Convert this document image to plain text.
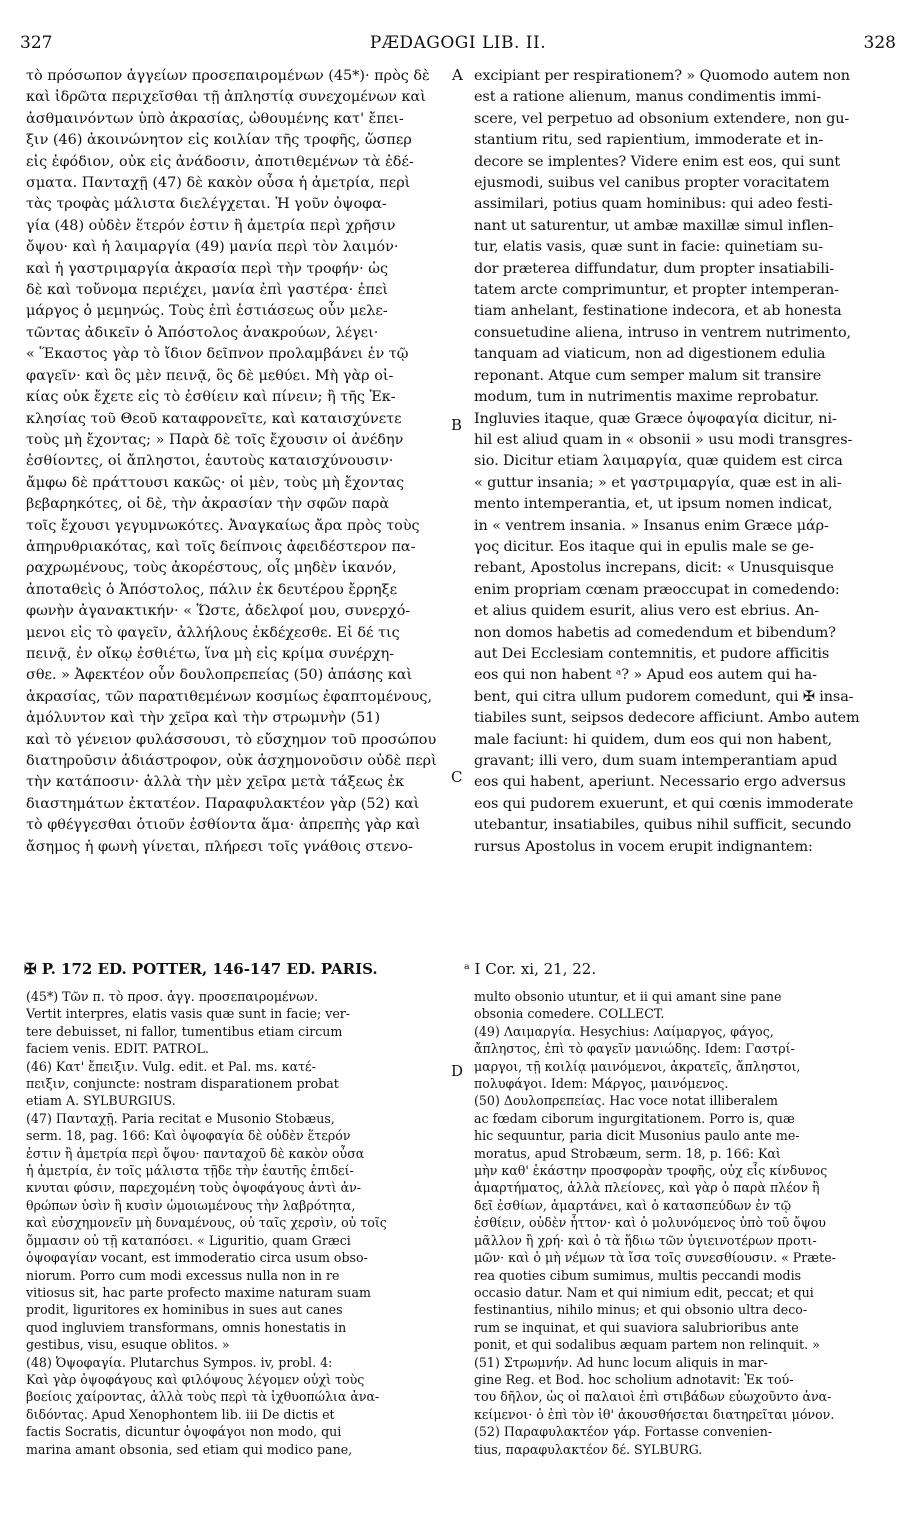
327	PÆDAGOGI LIB. II.	328
τὸ πρόσωπον ἀγγείων προσεπαιρομένων (45*)· πρὸς δὲ
καὶ ἱδρῶτα περιχεῖσθαι τῇ ἀπληστίᾳ συνεχομένων καὶ
ἀσθμαινόντων ὑπὸ ἀκρασίας, ὠθουμένης κατ' ἔπει-
ξιν (46) ἀκοινώνητον εἰς κοιλίαν τῆς τροφῆς, ὥσπερ
εἰς ἐφόδιον, οὐκ εἰς ἀνάδοσιν, ἀποτιθεμένων τὰ ἐδέ-
σματα. Πανταχῇ (47) δὲ κακὸν οὖσα ἡ ἀμετρία, περὶ
τὰς τροφὰς μάλιστα διελέγχεται. Ἡ γοῦν ὀψοφα-
γία (48) οὐδὲν ἕτερόν ἐστιν ἢ ἀμετρία περὶ χρῆσιν
ὄψου· καὶ ἡ λαιμαργία (49) μανία περὶ τὸν λαιμόν·
καὶ ἡ γαστριμαργία ἀκρασία περὶ τὴν τροφήν· ὡς
δὲ καὶ τοὔνομα περιέχει, μανία ἐπὶ γαστέρα· ἐπεὶ
μάργος ὁ μεμηνώς. Τοὺς ἐπὶ ἑστιάσεως οὖν μελε-
τῶντας ἀδικεῖν ὁ Ἀπόστολος ἀνακρούων, λέγει·
« Ἕκαστος γὰρ τὸ ἴδιον δεῖπνον προλαμβάνει ἐν τῷ
φαγεῖν· καὶ ὃς μὲν πεινᾷ, ὃς δὲ μεθύει. Μὴ γὰρ οἰ-
κίας οὐκ ἔχετε εἰς τὸ ἐσθίειν καὶ πίνειν; ἢ τῆς Ἐκ-
κλησίας τοῦ Θεοῦ καταφρονεῖτε, καὶ καταισχύνετε
τοὺς μὴ ἔχοντας; » Παρὰ δὲ τοῖς ἔχουσιν οἱ ἀνέδην
ἐσθίοντες, οἱ ἄπληστοι, ἑαυτοὺς καταισχύνουσιν·
ἄμφω δὲ πράττουσι κακῶς· οἱ μὲν, τοὺς μὴ ἔχοντας
βεβαρηκότες, οἱ δὲ, τὴν ἀκρασίαν τὴν σφῶν παρὰ
τοῖς ἔχουσι γεγυμνωκότες. Ἀναγκαίως ἄρα πρὸς τοὺς
ἀπηρυθριακότας, καὶ τοῖς δείπνοις ἀφειδέστερον πα-
ραχρωμένους, τοὺς ἀκορέστους, οἷς μηδὲν ἱκανόν,
ἀποταθεὶς ὁ Ἀπόστολος, πάλιν ἐκ δευτέρου ἔρρηξε
φωνὴν ἀγανακτικήν· « Ὥστε, ἀδελφοί μου, συνερχό-
μενοι εἰς τὸ φαγεῖν, ἀλλήλους ἐκδέχεσθε. Εἰ δέ τις
πεινᾷ, ἐν οἴκῳ ἐσθιέτω, ἵνα μὴ εἰς κρίμα συνέρχη-
σθε. » Ἀφεκτέον οὖν δουλοπρεπείας (50) ἁπάσης καὶ
ἀκρασίας, τῶν παρατιθεμένων κοσμίως ἐφαπτομένους,
ἀμόλυντον καὶ τὴν χεῖρα καὶ τὴν στρωμνὴν (51)
καὶ τὸ γένειον φυλάσσουσι, τὸ εὔσχημον τοῦ προσώπου
διατηροῦσιν ἀδιάστροφον, οὐκ ἀσχημονοῦσιν οὐδὲ περὶ
τὴν κατάποσιν· ἀλλὰ τὴν μὲν χεῖρα μετὰ τάξεως ἐκ
διαστημάτων ἐκτατέον. Παραφυλακτέον γὰρ (52) καὶ
τὸ φθέγγεσθαι ὁτιοῦν ἐσθίοντα ἅμα· ἀπρεπὴς γὰρ καὶ
ἄσημος ἡ φωνὴ γίνεται, πλήρεσι τοῖς γνάθοις στενο-
excipiant per respirationem? » Quomodo autem non
est a ratione alienum, manus condimentis immi-
scere, vel perpetuo ad obsonium extendere, non gu-
stantium ritu, sed rapientium, immoderate et in-
decore se implentes? Videre enim est eos, qui sunt
ejusmodi, suibus vel canibus propter voracitatem
assimilari, potius quam hominibus: qui adeo festi-
nant ut saturentur, ut ambæ maxillæ simul inflen-
tur, elatis vasis, quæ sunt in facie: quinetiam su-
dor præterea diffundatur, dum propter insatiabili-
tatem arcte comprimuntur, et propter intemperan-
tiam anhelant, festinatione indecora, et ab honesta
consuetudine aliena, intruso in ventrem nutrimento,
tanquam ad viaticum, non ad digestionem edulia
reponant. Atque cum semper malum sit transire
modum, tum in nutrimentis maxime reprobatur.
Ingluvies itaque, quæ Græce ὀψοφαγία dicitur, ni-
hil est aliud quam in « obsonii » usu modi transgres-
sio. Dicitur etiam λαιμαργία, quæ quidem est circa
« guttur insania; » et γαστριμαργία, quæ est in ali-
mento intemperantia, et, ut ipsum nomen indicat,
in « ventrem insania. » Insanus enim Græce μάρ-
γος dicitur. Eos itaque qui in epulis male se ge-
rebant, Apostolus increpans, dicit: « Unusquisque
enim propriam cœnam præoccupat in comedendo:
et alius quidem esurit, alius vero est ebrius. An-
non domos habetis ad comedendum et bibendum?
aut Dei Ecclesiam contemnitis, et pudore afficitis
eos qui non habent ᵃ? » Apud eos autem qui ha-
bent, qui citra ullum pudorem comedunt, qui ✠ insa-
tiabiles sunt, seipsos dedecore afficiunt. Ambo autem
male faciunt: hi quidem, dum eos qui non habent,
gravant; illi vero, dum suam intemperantiam apud
eos qui habent, aperiunt. Necessario ergo adversus
eos qui pudorem exuerunt, et qui cœnis immoderate
utebantur, insatiabiles, quibus nihil sufficit, secundo
rursus Apostolus in vocem erupit indignantem:
A
B
C
D
✠ P. 172 ED. POTTER, 146-147 ED. PARIS.	ᵃ I Cor. xi, 21, 22.
(45*) Τῶν π. τὸ προσ. ἀγγ. προσεπαιρομένων.
Vertit interpres, elatis vasis quæ sunt in facie; ver-
tere debuisset, ni fallor, tumentibus etiam circum
faciem venis. EDIT. PATROL.
(46) Κατ' ἔπειξιν. Vulg. edit. et Pal. ms. κατέ-
πειξιν, conjuncte: nostram disparationem probat
etiam A. SYLBURGIUS.
(47) Πανταχῇ. Paria recitat e Musonio Stobæus,
serm. 18, pag. 166: Καὶ ὀψοφαγία δὲ οὐδὲν ἕτερόν
ἐστιν ἢ ἀμετρία περὶ ὄψου· πανταχοῦ δὲ κακὸν οὖσα
ἡ ἀμετρία, ἐν τοῖς μάλιστα τῇδε τὴν ἑαυτῆς ἐπιδεί-
κνυται φύσιν, παρεχομένη τοὺς ὀψοφάγους ἀντὶ ἀν-
θρώπων ὑσὶν ἢ κυσὶν ὡμοιωμένους τὴν λαβρότητα,
καὶ εὐσχημονεῖν μὴ δυναμένους, οὐ ταῖς χερσὶν, οὐ τοῖς
ὄμμασιν οὐ τῇ καταπόσει. « Liguritio, quam Græci
ὀψοφαγίαν vocant, est immoderatio circa usum obso-
niorum. Porro cum modi excessus nulla non in re
vitiosus sit, hac parte profecto maxime naturam suam
prodit, liguritores ex hominibus in sues aut canes
quod ingluviem transformans, omnis honestatis in
gestibus, visu, esuque oblitos. »
(48) Ὀψοφαγία. Plutarchus Sympos. iv, probl. 4:
Καὶ γὰρ ὀψοφάγους καὶ φιλόψους λέγομεν οὐχὶ τοὺς
βοείοις χαίροντας, ἀλλὰ τοὺς περὶ τὰ ἰχθυοπώλια ἀνα-
διδόντας. Apud Xenophontem lib. iii De dictis et
factis Socratis, dicuntur ὀψοφάγοι non modo, qui
marina amant obsonia, sed etiam qui modico pane,
multo obsonio utuntur, et ii qui amant sine pane
obsonia comedere. COLLECT.
(49) Λαιμαργία. Hesychius: Λαίμαργος, φάγος,
ἄπληστος, ἐπὶ τὸ φαγεῖν μανιώδης. Idem: Γαστρί-
μαργοι, τῇ κοιλίᾳ μαινόμενοι, ἀκρατεῖς, ἄπληστοι,
πολυφάγοι. Idem: Μάργος, μαινόμενος.
(50) Δουλοπρεπείας. Hac voce notat illiberalem
ac fœdam ciborum ingurgitationem. Porro is, quæ
hic sequuntur, paria dicit Musonius paulo ante me-
moratus, apud Strobæum, serm. 18, p. 166: Καὶ
μὴν καθ' ἑκάστην προσφορὰν τροφῆς, οὐχ εἷς κίνδυνος
ἁμαρτήματος, ἀλλὰ πλείονες, καὶ γὰρ ὁ παρὰ πλέον ἢ
δεῖ ἐσθίων, ἁμαρτάνει, καὶ ὁ κατασπεύδων ἐν τῷ
ἐσθίειν, οὐδὲν ἧττον· καὶ ὁ μολυνόμενος ὑπὸ τοῦ ὄψου
μᾶλλον ἢ χρή· καὶ ὁ τὰ ἥδιω τῶν ὑγιεινοτέρων προτι-
μῶν· καὶ ὁ μὴ νέμων τὰ ἴσα τοῖς συνεσθίουσιν. « Præte-
rea quoties cibum sumimus, multis peccandi modis
occasio datur. Nam et qui nimium edit, peccat; et qui
festinantius, nihilo minus; et qui obsonio ultra deco-
rum se inquinat, et qui suaviora salubrioribus ante
ponit, et qui sodalibus æquam partem non relinquit. »
(51) Στρωμνήν. Ad hunc locum aliquis in mar-
gine Reg. et Bod. hoc scholium adnotavit: Ἐκ τού-
του δῆλον, ὡς οἱ παλαιοὶ ἐπὶ στιβάδων εὐωχοῦντο ἀνα-
κείμενοι· ὁ ἐπὶ τὸν ἰθ' ἀκουσθήσεται διατηρεῖται μόνον.
(52) Παραφυλακτέον γάρ. Fortasse convenien-
tius, παραφυλακτέον δέ. SYLBURG.
